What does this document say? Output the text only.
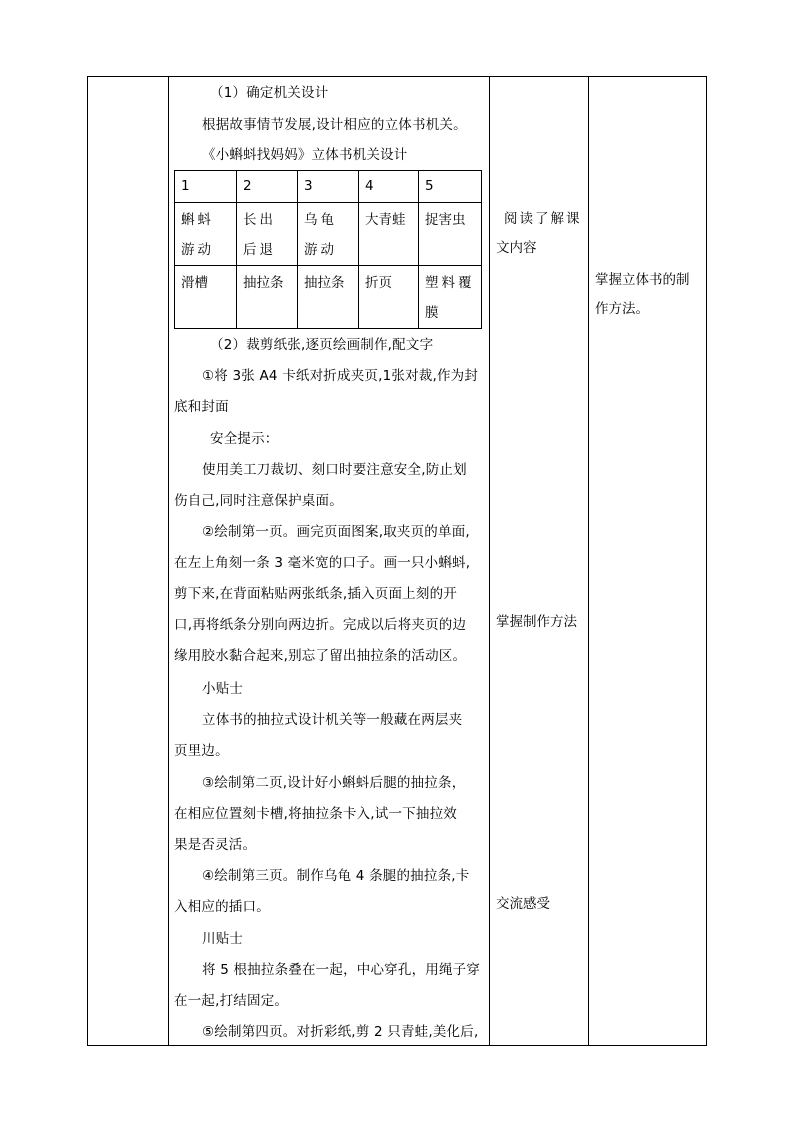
（1）确定机关设计
根据故事情节发展,设计相应的立体书机关。
《小蝌蚪找妈妈》立体书机关设计
1	2	3	4	5

蝌蚪游动	长出后退	乌龟游动	大青蛙	捉害虫
滑槽	抽拉条	抽拉条	折页	塑料覆膜
（2）裁剪纸张,逐页绘画制作,配文字
①将 3张 A4 卡纸对折成夹页,1张对裁,作为封
底和封面
安全提示：
使用美工刀裁切、刻口时要注意安全,防止划
伤自己,同时注意保护桌面。
②绘制第一页。画完页面图案,取夹页的单面,
在左上角刻一条 3 毫米宽的口子。画一只小蝌蚪,
剪下来,在背面粘贴两张纸条,插入页面上刻的开
口,再将纸条分别向两边折。完成以后将夹页的边
缘用胶水黏合起来,别忘了留出抽拉条的活动区。
小贴士
立体书的抽拉式设计机关等一般藏在两层夹
页里边。
③绘制第二页,设计好小蝌蚪后腿的抽拉条，
在相应位置刻卡槽,将抽拉条卡入,试一下抽拉效
果是否灵活。
④绘制第三页。制作乌龟 4 条腿的抽拉条,卡
入相应的插口。
川贴士
将 5 根抽拉条叠在一起，中心穿孔，用绳子穿
在一起,打结固定。
⑤绘制第四页。对折彩纸,剪 2 只青蛙,美化后,
阅读了解课
文内容
掌握制作方法
交流感受
掌握立体书的制
作方法。
